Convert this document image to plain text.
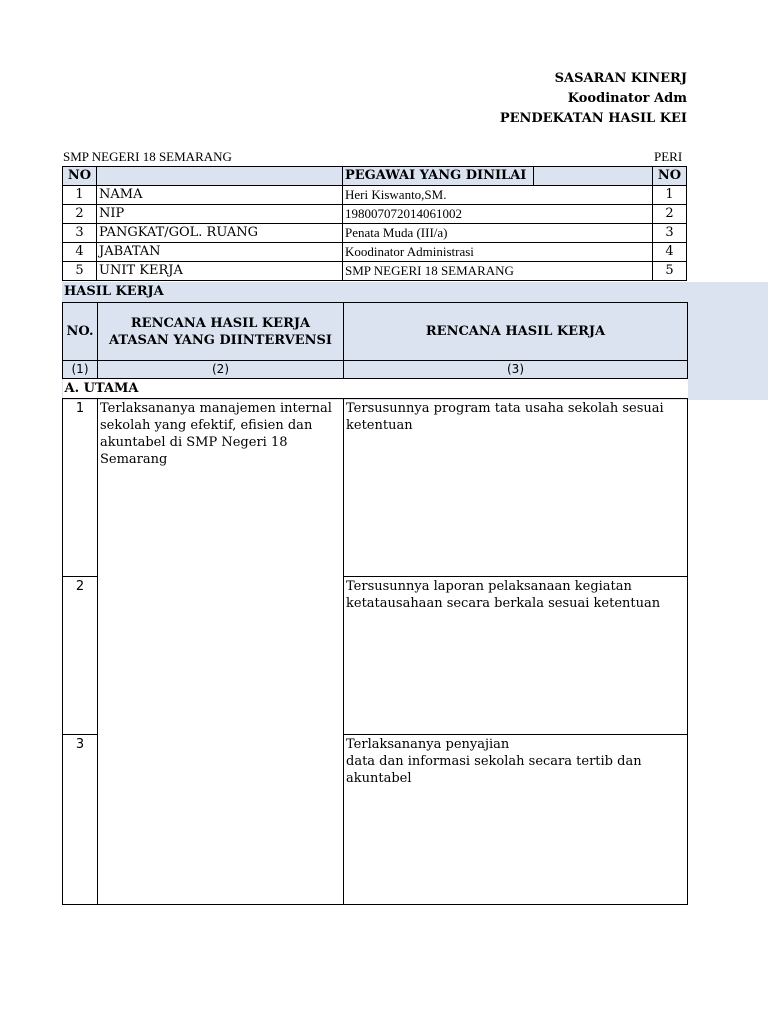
SASARAN KINERJ
Koodinator Adm
PENDEKATAN HASIL KEI
SMP NEGERI 18 SEMARANG	PERI
NO		PEGAWAI YANG DINILAI		NO
1	NAMA	Heri Kiswanto,SM.		1
2	NIP	198007072014061002		2
3	PANGKAT/GOL. RUANG	Penata Muda (III/a)		3
4	JABATAN	Koodinator Administrasi		4
5	UNIT KERJA	SMP NEGERI 18 SEMARANG		5
HASIL KERJA
NO.	RENCANA HASIL KERJA ATASAN YANG DIINTERVENSI	RENCANA HASIL KERJA
(1)	(2)	(3)
A. UTAMA		
1	Terlaksananya manajemen internal sekolah yang efektif, efisien dan akuntabel di SMP Negeri 18 Semarang	Tersusunnya program tata usaha sekolah sesuai ketentuan
2		Tersusunnya laporan pelaksanaan kegiatan ketatausahaan secara berkala sesuai ketentuan
3		Terlaksananya penyajian
data dan informasi sekolah secara tertib dan akuntabel
